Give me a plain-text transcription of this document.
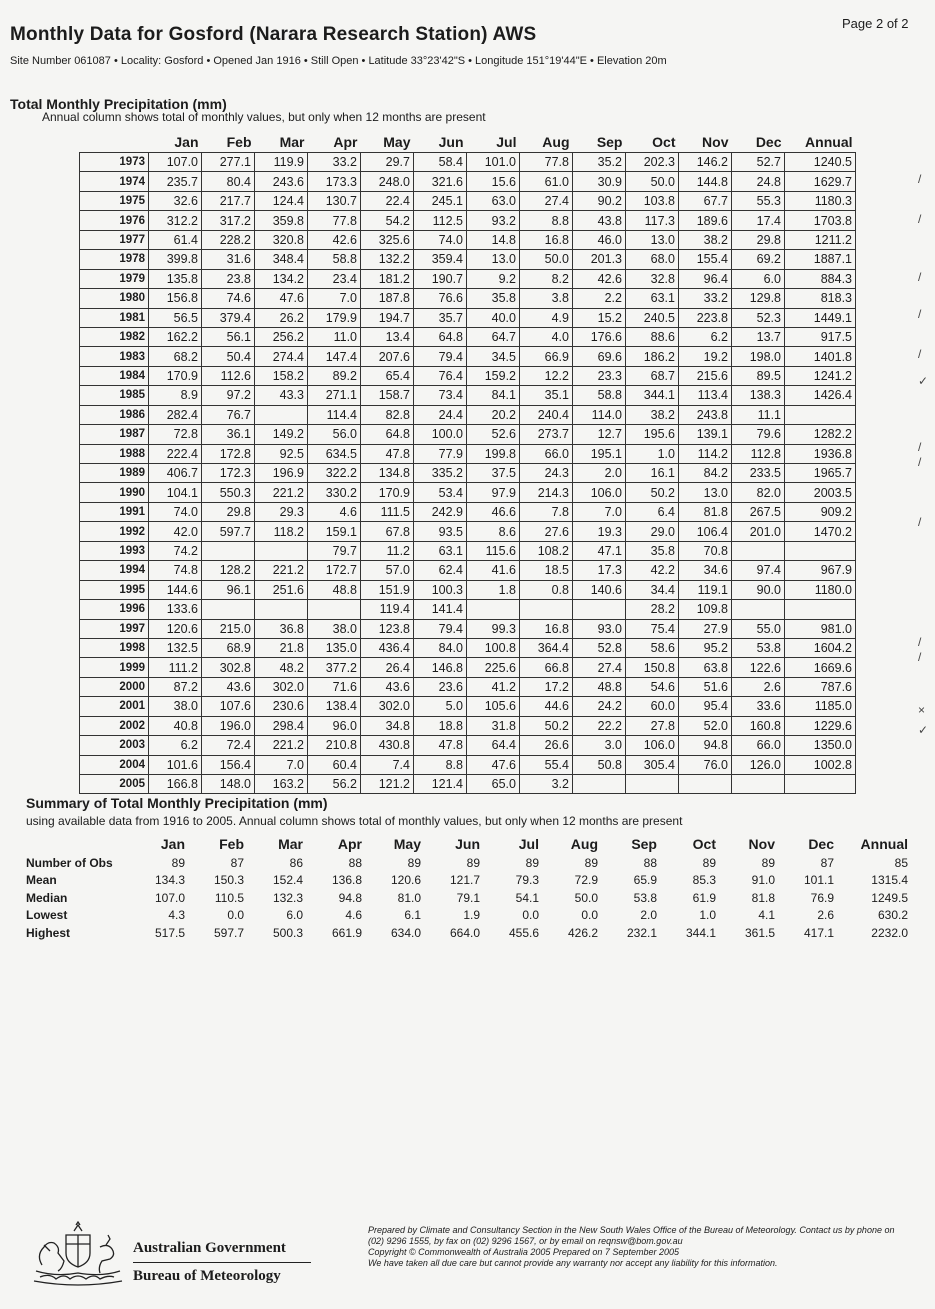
Page 2 of 2
Monthly Data for Gosford (Narara Research Station) AWS
Site Number 061087 • Locality: Gosford • Opened Jan 1916 • Still Open • Latitude 33°23'42"S • Longitude 151°19'44"E • Elevation 20m
Total Monthly Precipitation (mm)
Annual column shows total of monthly values, but only when 12 months are present
	Jan	Feb	Mar	Apr	May	Jun	Jul	Aug	Sep	Oct	Nov	Dec	Annual
1973	107.0	277.1	119.9	33.2	29.7	58.4	101.0	77.8	35.2	202.3	146.2	52.7	1240.5
1974	235.7	80.4	243.6	173.3	248.0	321.6	15.6	61.0	30.9	50.0	144.8	24.8	1629.7
1975	32.6	217.7	124.4	130.7	22.4	245.1	63.0	27.4	90.2	103.8	67.7	55.3	1180.3
1976	312.2	317.2	359.8	77.8	54.2	112.5	93.2	8.8	43.8	117.3	189.6	17.4	1703.8
1977	61.4	228.2	320.8	42.6	325.6	74.0	14.8	16.8	46.0	13.0	38.2	29.8	1211.2
1978	399.8	31.6	348.4	58.8	132.2	359.4	13.0	50.0	201.3	68.0	155.4	69.2	1887.1
1979	135.8	23.8	134.2	23.4	181.2	190.7	9.2	8.2	42.6	32.8	96.4	6.0	884.3
1980	156.8	74.6	47.6	7.0	187.8	76.6	35.8	3.8	2.2	63.1	33.2	129.8	818.3
1981	56.5	379.4	26.2	179.9	194.7	35.7	40.0	4.9	15.2	240.5	223.8	52.3	1449.1
1982	162.2	56.1	256.2	11.0	13.4	64.8	64.7	4.0	176.6	88.6	6.2	13.7	917.5
1983	68.2	50.4	274.4	147.4	207.6	79.4	34.5	66.9	69.6	186.2	19.2	198.0	1401.8
1984	170.9	112.6	158.2	89.2	65.4	76.4	159.2	12.2	23.3	68.7	215.6	89.5	1241.2
1985	8.9	97.2	43.3	271.1	158.7	73.4	84.1	35.1	58.8	344.1	113.4	138.3	1426.4
1986	282.4	76.7		114.4	82.8	24.4	20.2	240.4	114.0	38.2	243.8	11.1	
1987	72.8	36.1	149.2	56.0	64.8	100.0	52.6	273.7	12.7	195.6	139.1	79.6	1282.2
1988	222.4	172.8	92.5	634.5	47.8	77.9	199.8	66.0	195.1	1.0	114.2	112.8	1936.8
1989	406.7	172.3	196.9	322.2	134.8	335.2	37.5	24.3	2.0	16.1	84.2	233.5	1965.7
1990	104.1	550.3	221.2	330.2	170.9	53.4	97.9	214.3	106.0	50.2	13.0	82.0	2003.5
1991	74.0	29.8	29.3	4.6	111.5	242.9	46.6	7.8	7.0	6.4	81.8	267.5	909.2
1992	42.0	597.7	118.2	159.1	67.8	93.5	8.6	27.6	19.3	29.0	106.4	201.0	1470.2
1993	74.2			79.7	11.2	63.1	115.6	108.2	47.1	35.8	70.8		
1994	74.8	128.2	221.2	172.7	57.0	62.4	41.6	18.5	17.3	42.2	34.6	97.4	967.9
1995	144.6	96.1	251.6	48.8	151.9	100.3	1.8	0.8	140.6	34.4	119.1	90.0	1180.0
1996	133.6				119.4	141.4				28.2	109.8		
1997	120.6	215.0	36.8	38.0	123.8	79.4	99.3	16.8	93.0	75.4	27.9	55.0	981.0
1998	132.5	68.9	21.8	135.0	436.4	84.0	100.8	364.4	52.8	58.6	95.2	53.8	1604.2
1999	111.2	302.8	48.2	377.2	26.4	146.8	225.6	66.8	27.4	150.8	63.8	122.6	1669.6
2000	87.2	43.6	302.0	71.6	43.6	23.6	41.2	17.2	48.8	54.6	51.6	2.6	787.6
2001	38.0	107.6	230.6	138.4	302.0	5.0	105.6	44.6	24.2	60.0	95.4	33.6	1185.0
2002	40.8	196.0	298.4	96.0	34.8	18.8	31.8	50.2	22.2	27.8	52.0	160.8	1229.6
2003	6.2	72.4	221.2	210.8	430.8	47.8	64.4	26.6	3.0	106.0	94.8	66.0	1350.0
2004	101.6	156.4	7.0	60.4	7.4	8.8	47.6	55.4	50.8	305.4	76.0	126.0	1002.8
2005	166.8	148.0	163.2	56.2	121.2	121.4	65.0	3.2					
/
/
/
/
/
✓
/
/
/
/
/
×
✓
Summary of Total Monthly Precipitation (mm)
using available data from 1916 to 2005. Annual column shows total of monthly values, but only when 12 months are present
	Jan	Feb	Mar	Apr	May	Jun	Jul	Aug	Sep	Oct	Nov	Dec	Annual
Number of Obs	89	87	86	88	89	89	89	89	88	89	89	87	85
Mean	134.3	150.3	152.4	136.8	120.6	121.7	79.3	72.9	65.9	85.3	91.0	101.1	1315.4
Median	107.0	110.5	132.3	94.8	81.0	79.1	54.1	50.0	53.8	61.9	81.8	76.9	1249.5
Lowest	4.3	0.0	6.0	4.6	6.1	1.9	0.0	0.0	2.0	1.0	4.1	2.6	630.2
Highest	517.5	597.7	500.3	661.9	634.0	664.0	455.6	426.2	232.1	344.1	361.5	417.1	2232.0
Australian Government
Bureau of Meteorology
Prepared by Climate and Consultancy Section in the New South Wales Office of the Bureau of Meteorology. Contact us by phone on (02) 9296 1555, by fax on (02) 9296 1567, or by email on reqnsw@bom.gov.au
Copyright © Commonwealth of Australia 2005 Prepared on 7 September 2005
We have taken all due care but cannot provide any warranty nor accept any liability for this information.
